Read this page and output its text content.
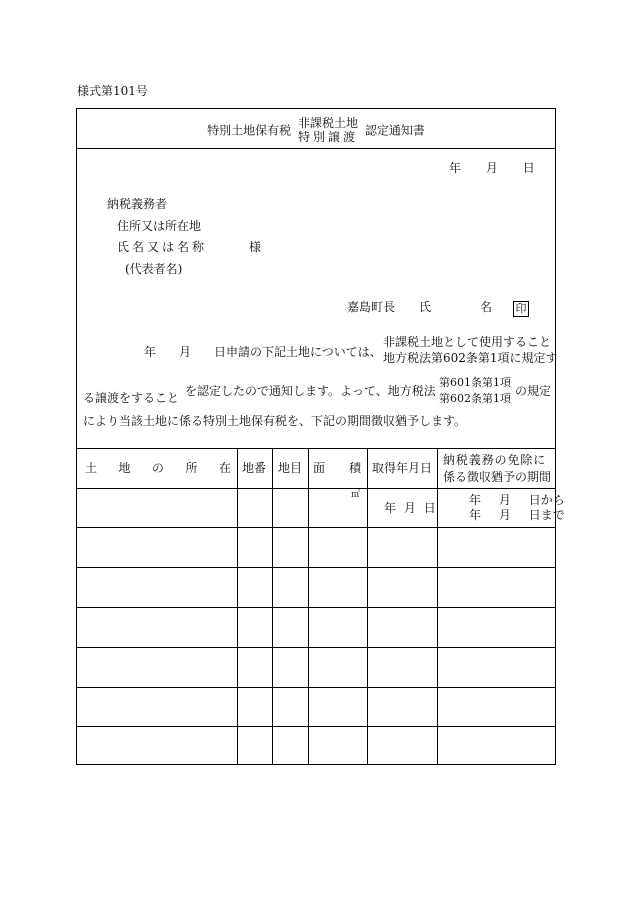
様式第101号
特別土地保有税
非課税土地
特別譲渡 認定通知書
年 月 日
納税義務者
住所又は所在地
氏名又は名称	様
(代表者名)
嘉島町長 氏	名 印
年 月 日申請の下記土地については、
非課税土地として使用すること
地方税法第602条第1項に規定す
る譲渡をすること を認定したので通知します。よって、地方税法
第601条第1項
第602条第1項
の規定
により当該土地に係る特別土地保有税を、下記の期間徴収猶予します。
土 地 の 所 在 地番 地目 面 積 取得年月日
納税義務の免除に
係る徴収猶予の期間
㎡
年 月 日
年 月 日から
年 月 日まで
